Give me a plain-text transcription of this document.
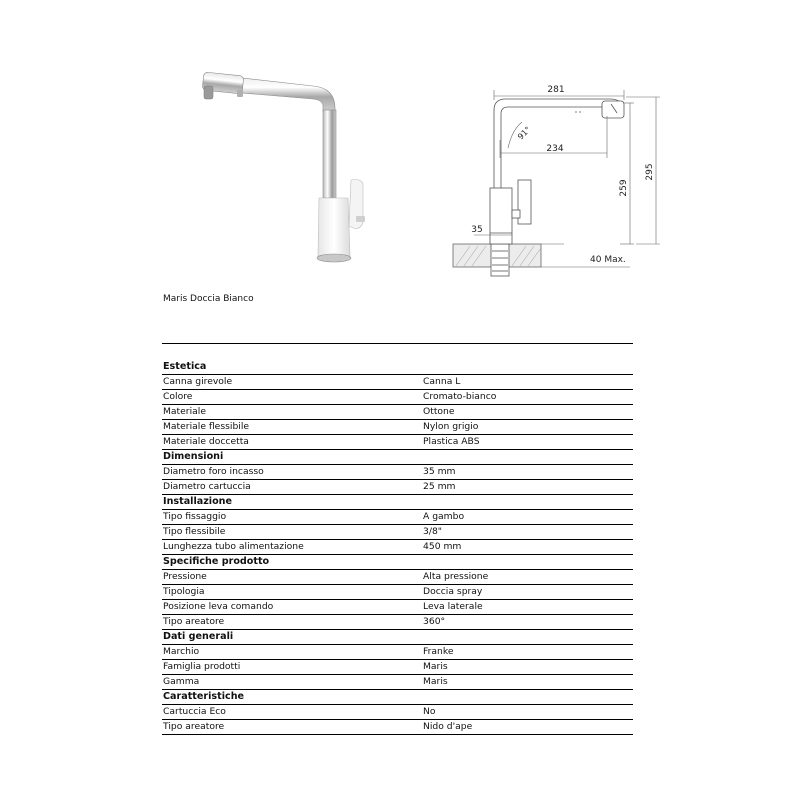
281
234
91°
259
295
35
40 Max.
Maris Doccia Bianco
Estetica
Canna girevole	Canna L
Colore	Cromato-bianco
Materiale	Ottone
Materiale flessibile	Nylon grigio
Materiale doccetta	Plastica ABS
Dimensioni
Diametro foro incasso	35 mm
Diametro cartuccia	25 mm
Installazione
Tipo fissaggio	A gambo
Tipo flessibile	3/8"
Lunghezza tubo alimentazione	450 mm
Specifiche prodotto
Pressione	Alta pressione
Tipologia	Doccia spray
Posizione leva comando	Leva laterale
Tipo areatore	360°
Dati generali
Marchio	Franke
Famiglia prodotti	Maris
Gamma	Maris
Caratteristiche
Cartuccia Eco	No
Tipo areatore	Nido d'ape
